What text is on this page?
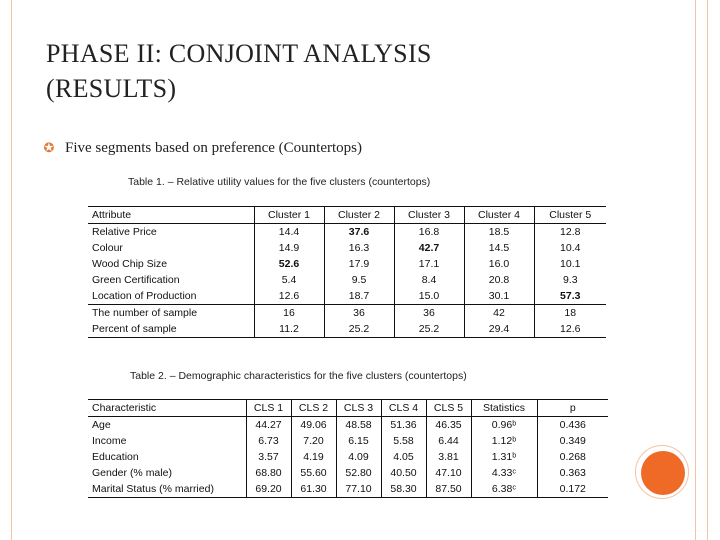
PHASE II: CONJOINT ANALYSIS
(RESULTS)
✪ Five segments based on preference (Countertops)
Table 1. – Relative utility values for the five clusters (countertops)
Attribute	Cluster 1	Cluster 2	Cluster 3	Cluster 4	Cluster 5
Relative Price	14.4	37.6	16.8	18.5	12.8
Colour	14.9	16.3	42.7	14.5	10.4
Wood Chip Size	52.6	17.9	17.1	16.0	10.1
Green Certification	5.4	9.5	8.4	20.8	9.3
Location of Production	12.6	18.7	15.0	30.1	57.3
The number of sample	16	36	36	42	18
Percent of sample	11.2	25.2	25.2	29.4	12.6
Table 2. – Demographic characteristics for the five clusters (countertops)
Characteristic	CLS 1	CLS 2	CLS 3	CLS 4	CLS 5	Statistics	p
Age	44.27	49.06	48.58	51.36	46.35	0.96ᵇ	0.436
Income	6.73	7.20	6.15	5.58	6.44	1.12ᵇ	0.349
Education	3.57	4.19	4.09	4.05	3.81	1.31ᵇ	0.268
Gender (% male)	68.80	55.60	52.80	40.50	47.10	4.33ᶜ	0.363
Marital Status (% married)	69.20	61.30	77.10	58.30	87.50	6.38ᶜ	0.172
